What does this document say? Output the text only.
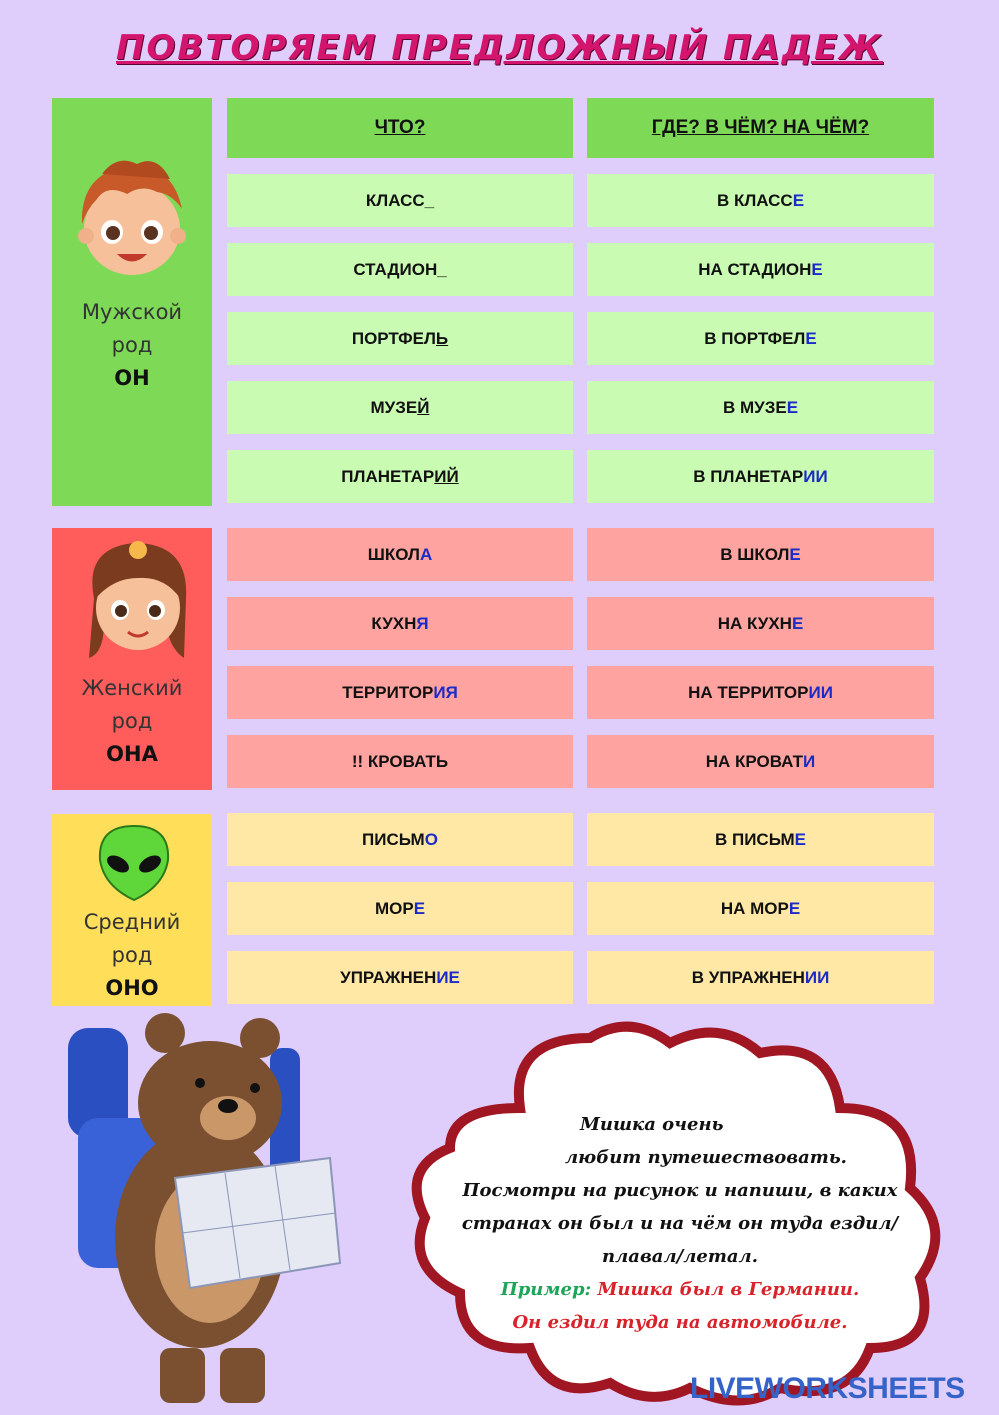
ПОВТОРЯЕМ ПРЕДЛОЖНЫЙ ПАДЕЖ
Мужской
род
ОН
Женский
род
ОНА
Средний
род
ОНО
ЧТО?	ГДЕ? В ЧЁМ? НА ЧЁМ?
КЛАСС _	В КЛАСС Е
СТАДИОН _	НА СТАДИОН Е
ПОРТФЕЛ Ь	В ПОРТФЕЛ Е
МУЗЕ Й	В МУЗЕ Е
ПЛАНЕТАР ИЙ	В ПЛАНЕТАР ИИ
ШКОЛ А	В ШКОЛ Е
КУХН Я	НА КУХН Е
ТЕРРИТОР ИЯ	НА ТЕРРИТОР ИИ
!! КРОВАТЬ	НА КРОВАТ И
ПИСЬМ О	В ПИСЬМ Е
МОР Е	НА МОР Е
УПРАЖНЕН ИЕ	В УПРАЖНЕН ИИ
Мишка очень
любит путешествовать.
Посмотри на рисунок и напиши, в каких
странах он был и на чём он туда ездил/
плавал/летал.
Пример: Мишка был в Германии.
Он ездил туда на автомобиле.
LIVEWORKSHEETS
